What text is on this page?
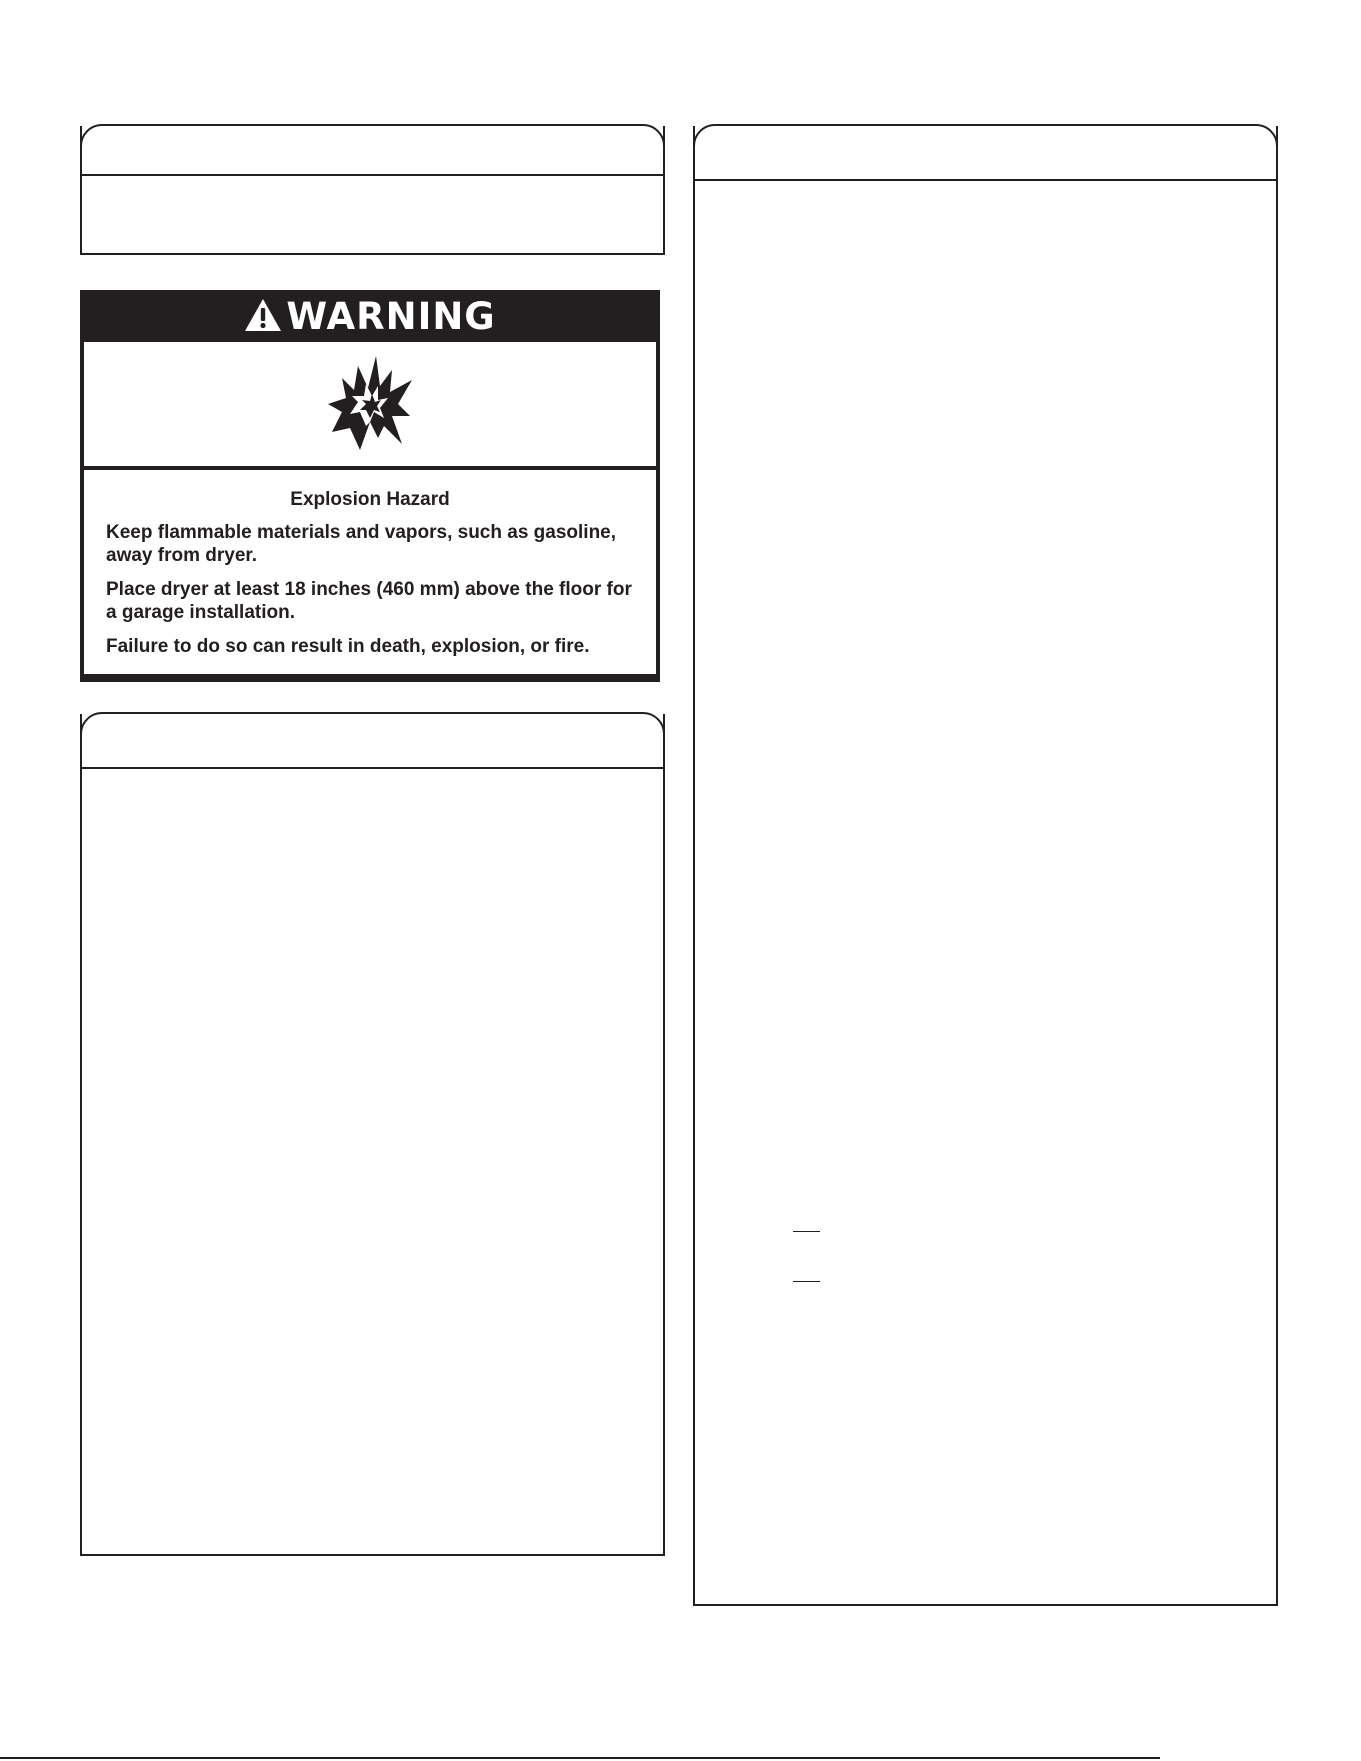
WARNING
Explosion Hazard

Keep flammable materials and vapors, such as gasoline, away from dryer.

Place dryer at least 18 inches (460 mm) above the floor for a garage installation.

Failure to do so can result in death, explosion, or fire.
